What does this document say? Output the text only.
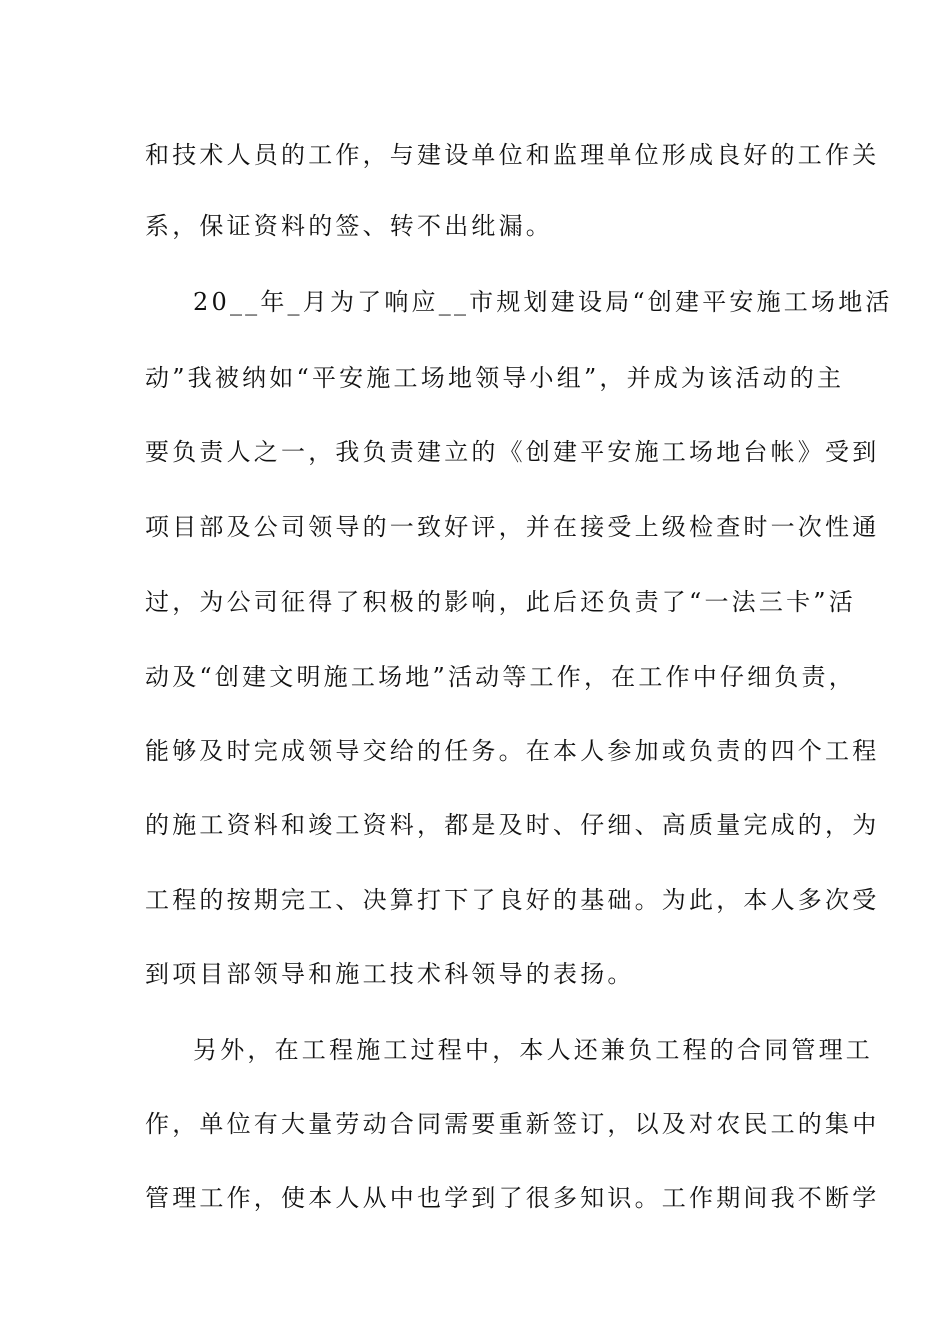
和技术人员的工作，与建设单位和监理单位形成良好的工作关
系，保证资料的签、转不出纰漏。
20__年_月为了响应__市规划建设局“创建平安施工场地活
动”我被纳如“平安施工场地领导小组”，并成为该活动的主
要负责人之一，我负责建立的《创建平安施工场地台帐》受到
项目部及公司领导的一致好评，并在接受上级检查时一次性通
过，为公司征得了积极的影响，此后还负责了“一法三卡”活
动及“创建文明施工场地”活动等工作，在工作中仔细负责，
能够及时完成领导交给的任务。在本人参加或负责的四个工程
的施工资料和竣工资料，都是及时、仔细、高质量完成的，为
工程的按期完工、决算打下了良好的基础。为此，本人多次受
到项目部领导和施工技术科领导的表扬。
另外，在工程施工过程中，本人还兼负工程的合同管理工
作，单位有大量劳动合同需要重新签订，以及对农民工的集中
管理工作，使本人从中也学到了很多知识。工作期间我不断学
